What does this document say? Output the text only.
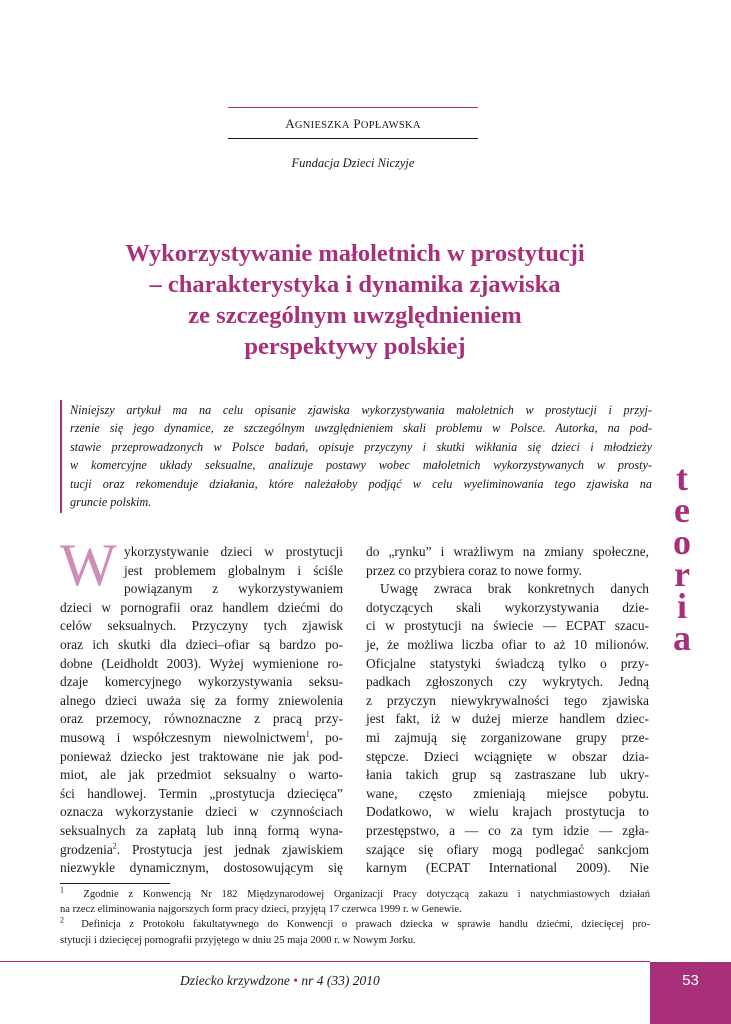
AGNIESZKA POPŁAWSKA
Fundacja Dzieci Niczyje
Wykorzystywanie małoletnich w prostytucji
– charakterystyka i dynamika zjawiska
ze szczególnym uwzględnieniem
perspektywy polskiej
Niniejszy artykuł ma na celu opisanie zjawiska wykorzystywania małoletnich w prostytucji i przyj-
rzenie się jego dynamice, ze szczególnym uwzględnieniem skali problemu w Polsce. Autorka, na pod-
stawie przeprowadzonych w Polsce badań, opisuje przyczyny i skutki wikłania się dzieci i młodzieży
w komercyjne układy seksualne, analizuje postawy wobec małoletnich wykorzystywanych w prosty-
tucji oraz rekomenduje działania, które należałoby podjąć w celu wyeliminowania tego zjawiska na
gruncie polskim.
t
e
o
r
i
a
W ykorzystywanie dzieci w prostytucji
jest problemem globalnym i ściśle
powiązanym z wykorzystywaniem
dzieci w pornografii oraz handlem dziećmi do
celów seksualnych. Przyczyny tych zjawisk
oraz ich skutki dla dzieci–ofiar są bardzo po-
dobne (Leidholdt 2003). Wyżej wymienione ro-
dzaje komercyjnego wykorzystywania seksu-
alnego dzieci uważa się za formy zniewolenia
oraz przemocy, równoznaczne z pracą przy-
musową i współczesnym niewolnictwem$^1$, po-
ponieważ dziecko jest traktowane nie jak pod-
miot, ale jak przedmiot seksualny o warto-
ści handlowej. Termin „prostytucja dziecięca”
oznacza wykorzystanie dzieci w czynnościach
seksualnych za zapłatą lub inną formą wyna-
grodzenia$^2$. Prostytucja jest jednak zjawiskiem
niezwykle dynamicznym, dostosowującym się
do „rynku” i wrażliwym na zmiany społeczne,
przez co przybiera coraz to nowe formy.
Uwagę zwraca brak konkretnych danych
dotyczących skali wykorzystywania dzie-
ci w prostytucji na świecie — ECPAT szacu-
je, że możliwa liczba ofiar to aż 10 milionów.
Oficjalne statystyki świadczą tylko o przy-
padkach zgłoszonych czy wykrytych. Jedną
z przyczyn niewykrywalności tego zjawiska
jest fakt, iż w dużej mierze handlem dziec-
mi zajmują się zorganizowane grupy prze-
stępcze. Dzieci wciągnięte w obszar dzia-
łania takich grup są zastraszane lub ukry-
wane, często zmieniają miejsce pobytu.
Dodatkowo, w wielu krajach prostytucja to
przestępstwo, a — co za tym idzie — zgła-
szające się ofiary mogą podlegać sankcjom
karnym (ECPAT International 2009). Nie
$^1$ Zgodnie z Konwencją Nr 182 Międzynarodowej Organizacji Pracy dotyczącą zakazu i natychmiastowych działań
na rzecz eliminowania najgorszych form pracy dzieci, przyjętą 17 czerwca 1999 r. w Genewie.
$^2$ Definicja z Protokołu fakultatywnego do Konwencji o prawach dziecka w sprawie handlu dziećmi, dziecięcej pro-
stytucji i dziecięcej pornografii przyjętego w dniu 25 maja 2000 r. w Nowym Jorku.
Dziecko krzywdzone • nr 4 (33) 2010	53
